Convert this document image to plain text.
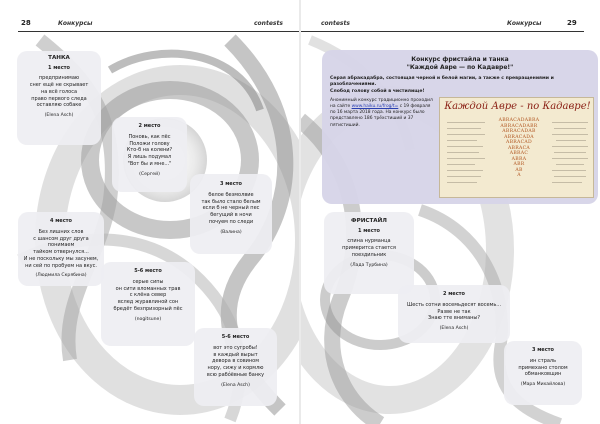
28	Конкурсы	contests
ТАНКА
1 место
предпринимаю
снег ещё не скрывает
на всё голоса
право первого следа
оставляю собаке
(Elena Asch)
2 место
Поновь, как пёс
Положи голову
Кто-б на колени?
Я лишь подумал
"Вот бы и мне..."
(Сергей)
3 место
белое безмолвие
так было стало белым
если б не черный пес
бегущий в ночи
почуем по следи
(Валина)
4 место
Без лишних слов
с шансом друг друга понимаем
тайком отвернулся...
И не поскольку мы засунем,
ни сей по пробуем на вкус.
(Людмила Скрябина)
5-6 место
серые сипы
он сити вломанных трав
с клёна север
вслед журавлиной сон
бредёт безпризорный пёс
(nogitsune)
5-6 место
вот это сугробы!
в каждый вырыт
девора в совином
нору, сижу и кормлю
всю рабо́ёвные банку
(Elena Asch)
contests	Конкурсы	29
Конкурс фристайла и танка
"Каждой Авре — по Кадавре!"
Серая абракадабра, состоящая черной и белой магии, а также с превращениями и разоблачениями.
Слобод голову собой в чистилище!
Анонимный конкурс традиционно проходил на сайте www.haiku.ru/frog/t= с 19 февраля по 16 марта 2018 года. На конкурс было представлено 186 трёхстиший и 37 пятистиший.
Каждой Авре - по Кадавре!
ABRACADABRA
ABRACADABR
ABRACADAB
ABRACADA
ABRACAD
ABRACA
ABRAC
ABRA
ABR
AB
A
ФРИСТАЙЛ
1 место
спина нурманца
примеритса стается
поездильник
(Лада Турбина)
2 место
Шесть сотни восемьдесят восемь...
Разве не так
Знаю тте вниманы?
(Elena Asch)
3 место
ин страль
примехано столом
обманковщин
(Мара Михайлова)
